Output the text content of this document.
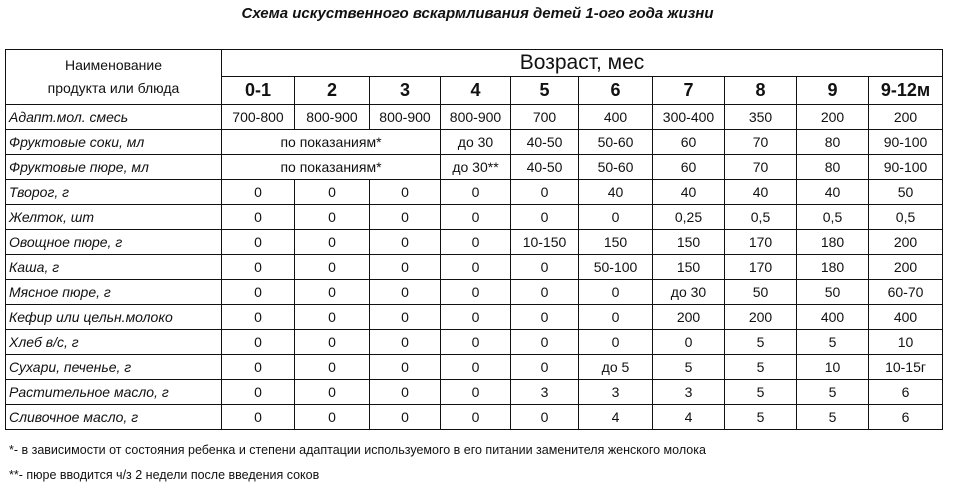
Схема искуственного вскармливания детей 1-ого года жизни
Наименование
продукта или блюда	Возраст, мес									
	0-1	2	3	4	5	6	7	8	9	9-12м
Адапт.мол. смесь	700-800	800-900	800-900	800-900	700	400	300-400	350	200	200
Фруктовые соки, мл	по показаниям*			до 30	40-50	50-60	60	70	80	90-100
Фруктовые пюре, мл	по показаниям*			до 30**	40-50	50-60	60	70	80	90-100
Творог, г	0	0	0	0	0	40	40	40	40	50
Желток, шт	0	0	0	0	0	0	0,25	0,5	0,5	0,5
Овощное пюре, г	0	0	0	0	10-150	150	150	170	180	200
Каша, г	0	0	0	0	0	50-100	150	170	180	200
Мясное пюре, г	0	0	0	0	0	0	до 30	50	50	60-70
Кефир или цельн.молоко	0	0	0	0	0	0	200	200	400	400
Хлеб в/с, г	0	0	0	0	0	0	0	5	5	10
Сухари, печенье, г	0	0	0	0	0	до 5	5	5	10	10-15г
Растительное масло, г	0	0	0	0	3	3	3	5	5	6
Сливочное масло, г	0	0	0	0	0	4	4	5	5	6
*- в зависимости от состояния ребенка и степени адаптации используемого в его питании заменителя женского молока
**- пюре вводится ч/з 2 недели после введения соков
